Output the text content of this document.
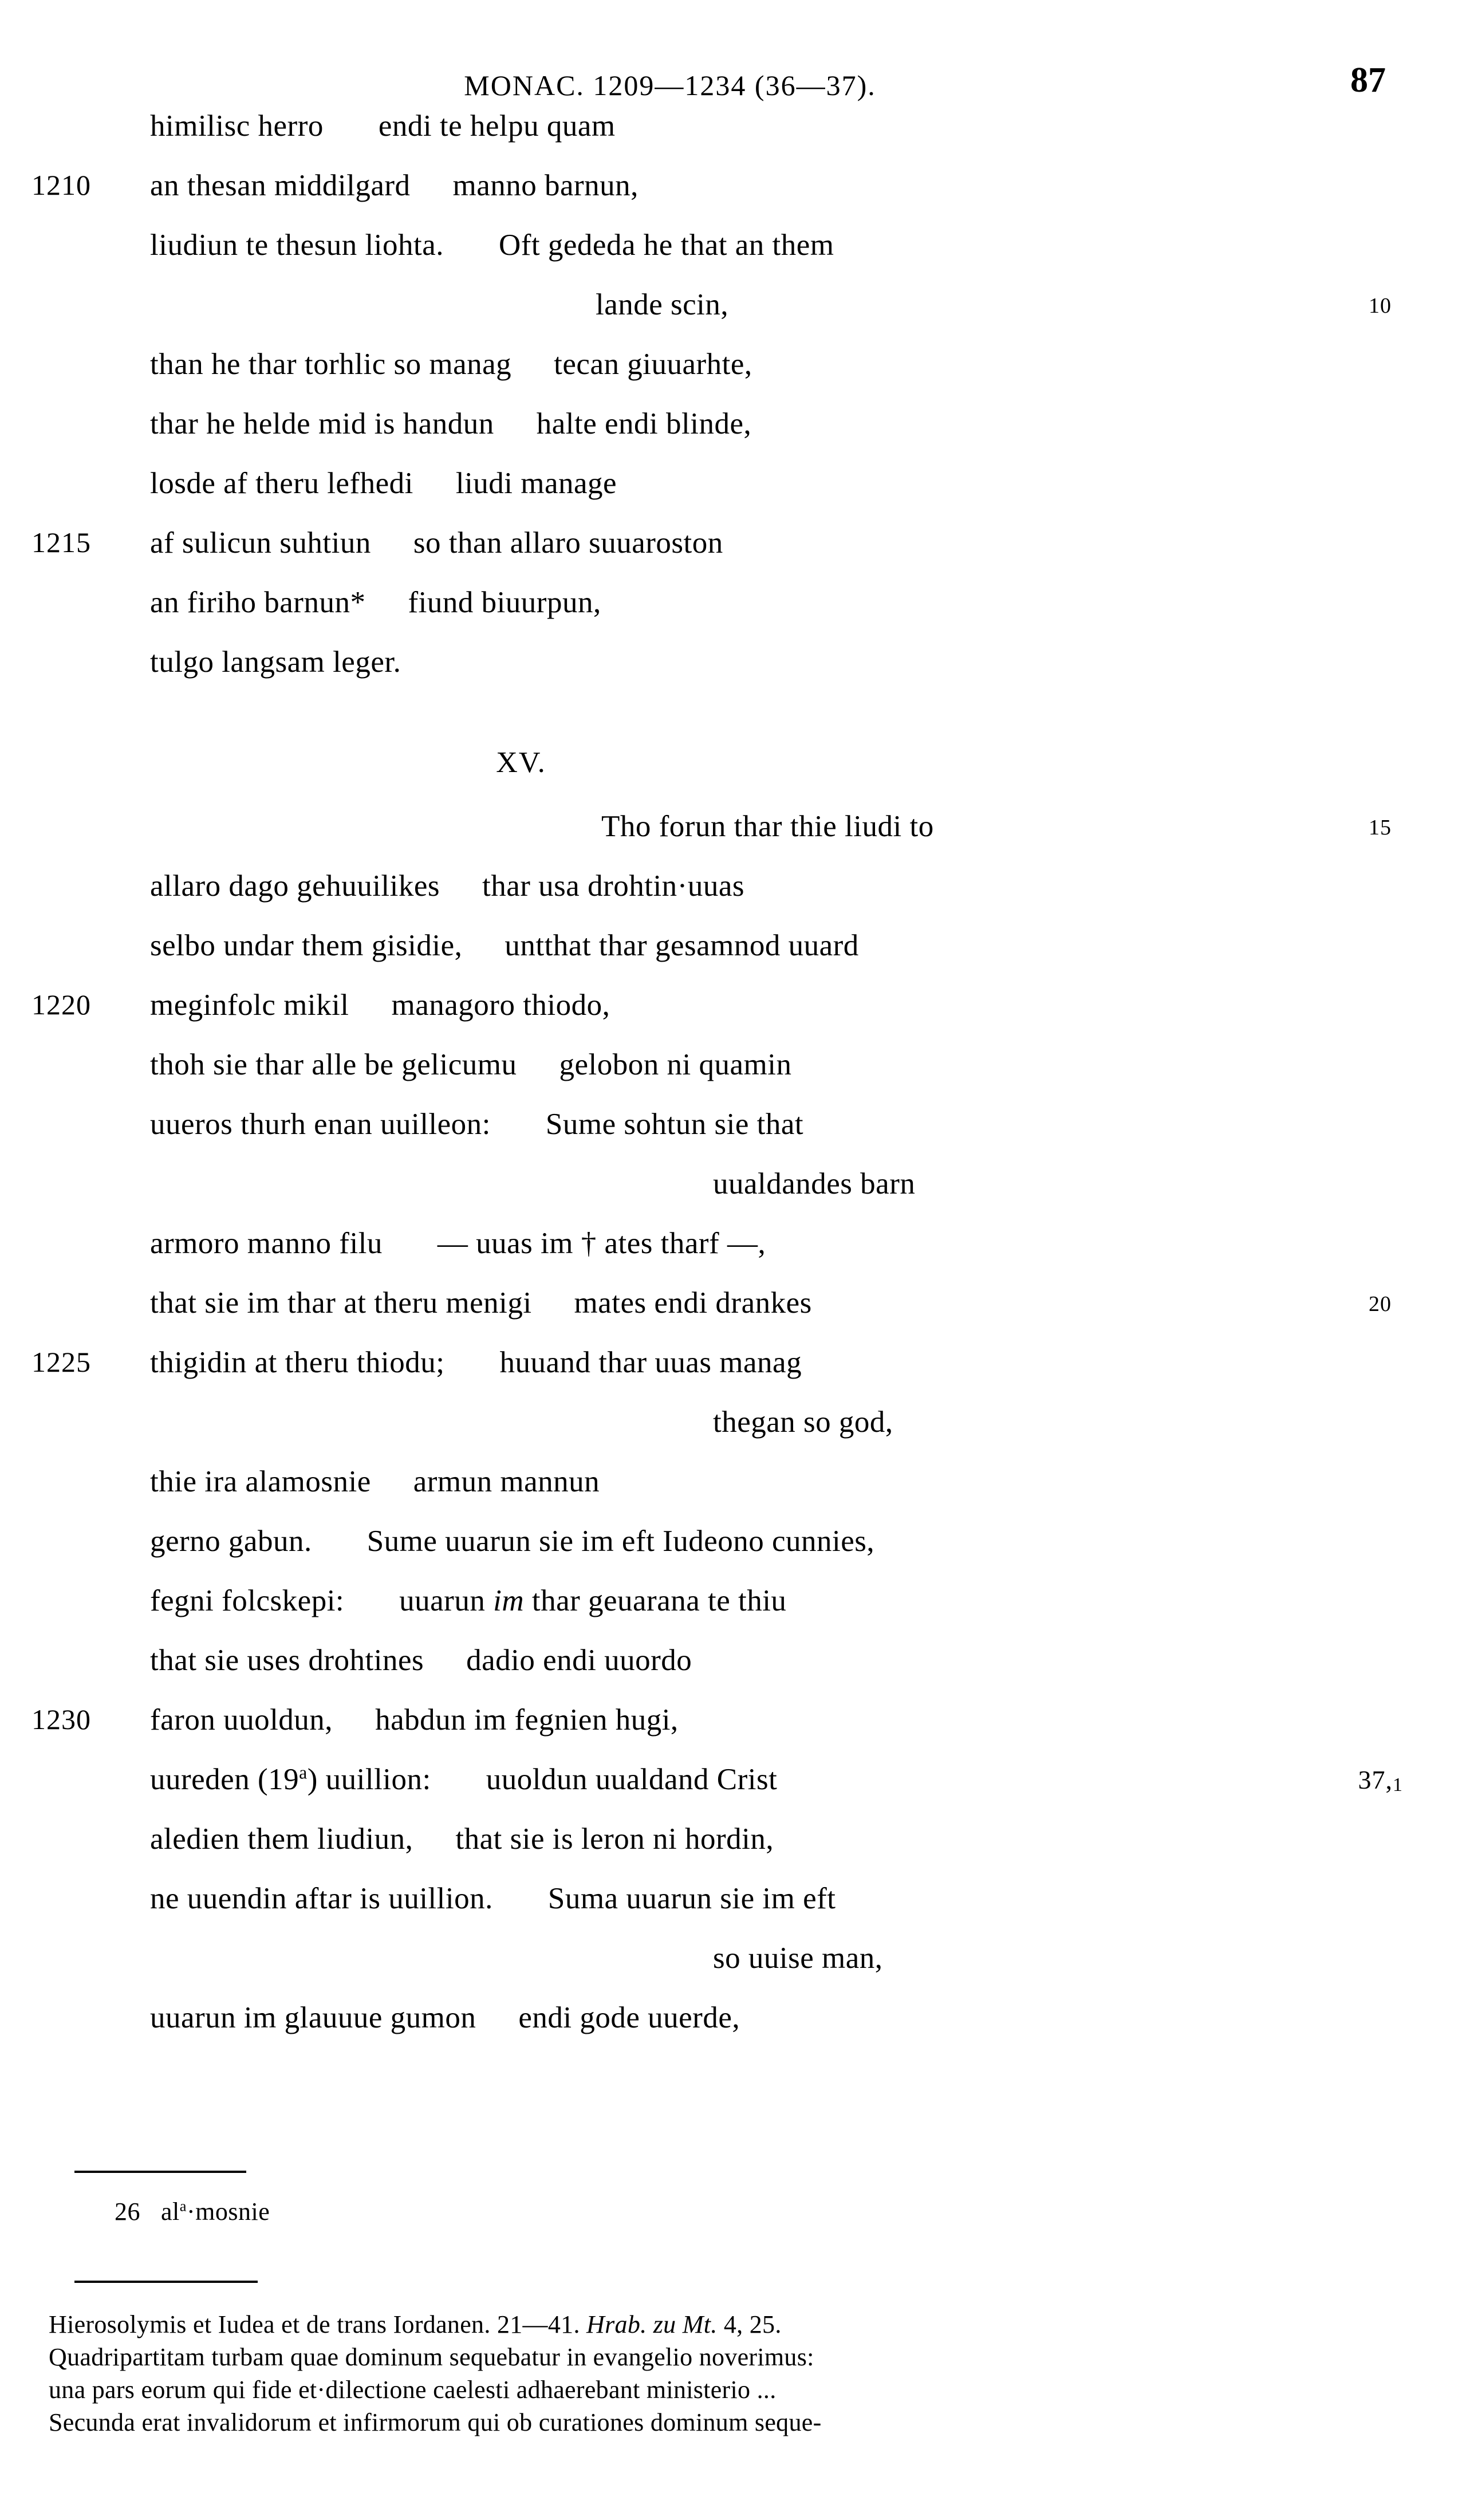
MONAC. 1209—1234 (36—37).	87
himilisc herro endi te helpu quam
1210 an thesan middilgard manno barnun,
liudiun te thesun liohta. Oft gededa he that an them
lande scin,	10
than he thar torhlic so manag tecan giuuarhte,
thar he helde mid is handun halte endi blinde,
losde af theru lefhedi liudi manage
1215 af sulicun suhtiun so than allaro suuaroston
an firiho barnun* fiund biuurpun,
tulgo langsam leger.
XV.
Tho forun thar thie liudi to	15
allaro dago gehuuilikes thar usa drohtin·uuas
selbo undar them gisidie, untthat thar gesamnod uuard
1220 meginfolc mikil managoro thiodo,
thoh sie thar alle be gelicumu gelobon ni quamin
uueros thurh enan uuilleon: Sume sohtun sie that
uualdandes barn
armoro manno filu — uuas im † ates tharf —,
that sie im thar at theru menigi mates endi drankes	20
1225 thigidin at theru thiodu; huuand thar uuas manag
thegan so god,
thie ira alamosnie armun mannun
gerno gabun. Sume uuarun sie im eft Iudeono cunnies,
fegni folcskepi: uuarun im thar geuarana te thiu
that sie uses drohtines dadio endi uuordo
1230 faron uuoldun, habdun im fegnien hugi,
uureden (19$^a$) uuillion: uuoldun uualdand Crist	37,1
aledien them liudiun, that sie is leron ni hordin,
ne uuendin aftar is uuillion. Suma uuarun sie im eft
so uuise man,
uuarun im glauuue gumon endi gode uuerde,
26 $al^a\cdot mosnie$
Hierosolymis et Iudea et de trans Iordanen. 21—41. Hrab. zu Mt. 4, 25.
Quadripartitam turbam quae dominum sequebatur in evangelio noverimus:
una pars eorum qui fide et·dilectione caelesti adhaerebant ministerio ...
Secunda erat invalidorum et infirmorum qui ob curationes dominum seque-
